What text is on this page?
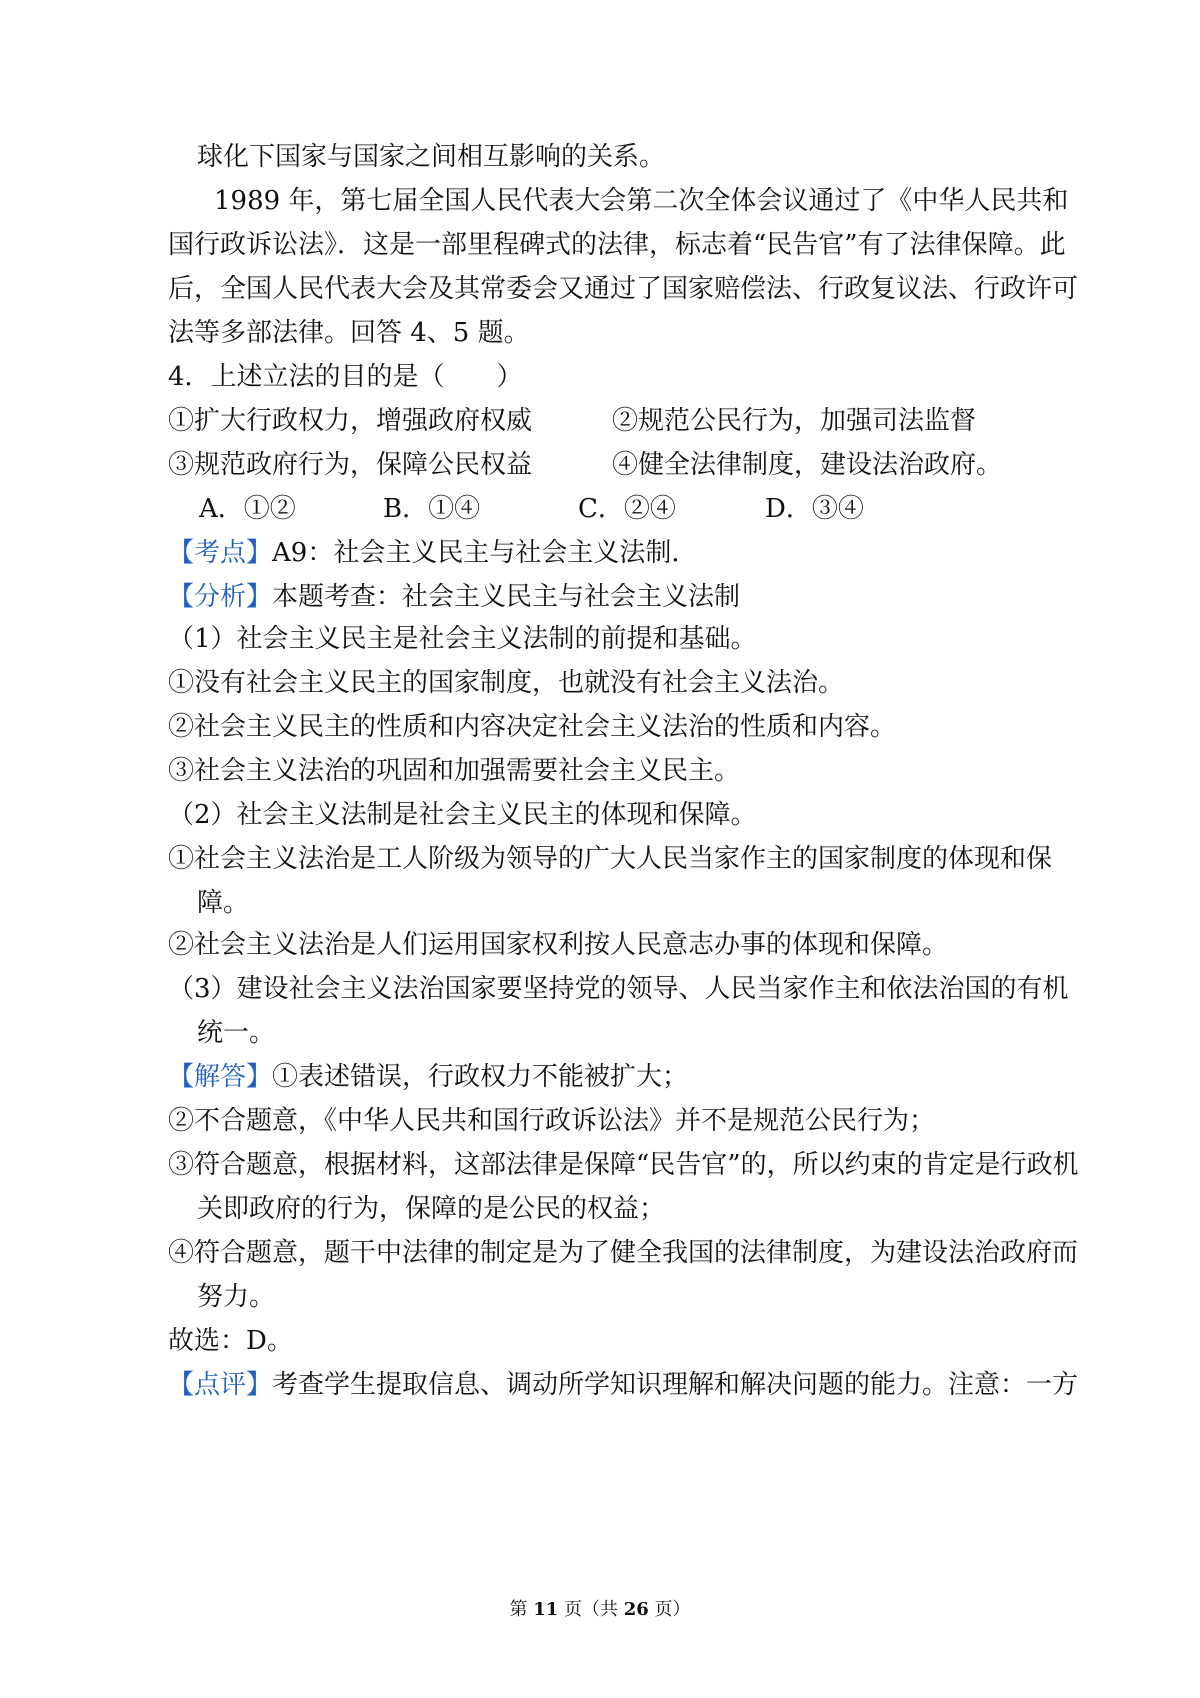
球化下国家与国家之间相互影响的关系。
1989 年，第七届全国人民代表大会第二次全体会议通过了《中华人民共和
国行政诉讼法》．这是一部里程碑式的法律，标志着“民告官”有了法律保障。此
后，全国人民代表大会及其常委会又通过了国家赔偿法、行政复议法、行政许可
法等多部法律。回答 4、5 题。
4．上述立法的目的是（　　）
①扩大行政权力，增强政府权威	②规范公民行为，加强司法监督
③规范政府行为，保障公民权益	④健全法律制度，建设法治政府。
A．①②	B．①④	C．②④	D．③④
【考点】A9：社会主义民主与社会主义法制．
【分析】本题考查：社会主义民主与社会主义法制
（1）社会主义民主是社会主义法制的前提和基础。
①没有社会主义民主的国家制度，也就没有社会主义法治。
②社会主义民主的性质和内容决定社会主义法治的性质和内容。
③社会主义法治的巩固和加强需要社会主义民主。
（2）社会主义法制是社会主义民主的体现和保障。
①社会主义法治是工人阶级为领导的广大人民当家作主的国家制度的体现和保
障。
②社会主义法治是人们运用国家权利按人民意志办事的体现和保障。
（3）建设社会主义法治国家要坚持党的领导、人民当家作主和依法治国的有机
统一。
【解答】①表述错误，行政权力不能被扩大；
②不合题意，《中华人民共和国行政诉讼法》并不是规范公民行为；
③符合题意，根据材料，这部法律是保障“民告官”的，所以约束的肯定是行政机
关即政府的行为，保障的是公民的权益；
④符合题意，题干中法律的制定是为了健全我国的法律制度，为建设法治政府而
努力。
故选：D。
【点评】考查学生提取信息、调动所学知识理解和解决问题的能力。注意：一方
第 11 页（共 26 页）
